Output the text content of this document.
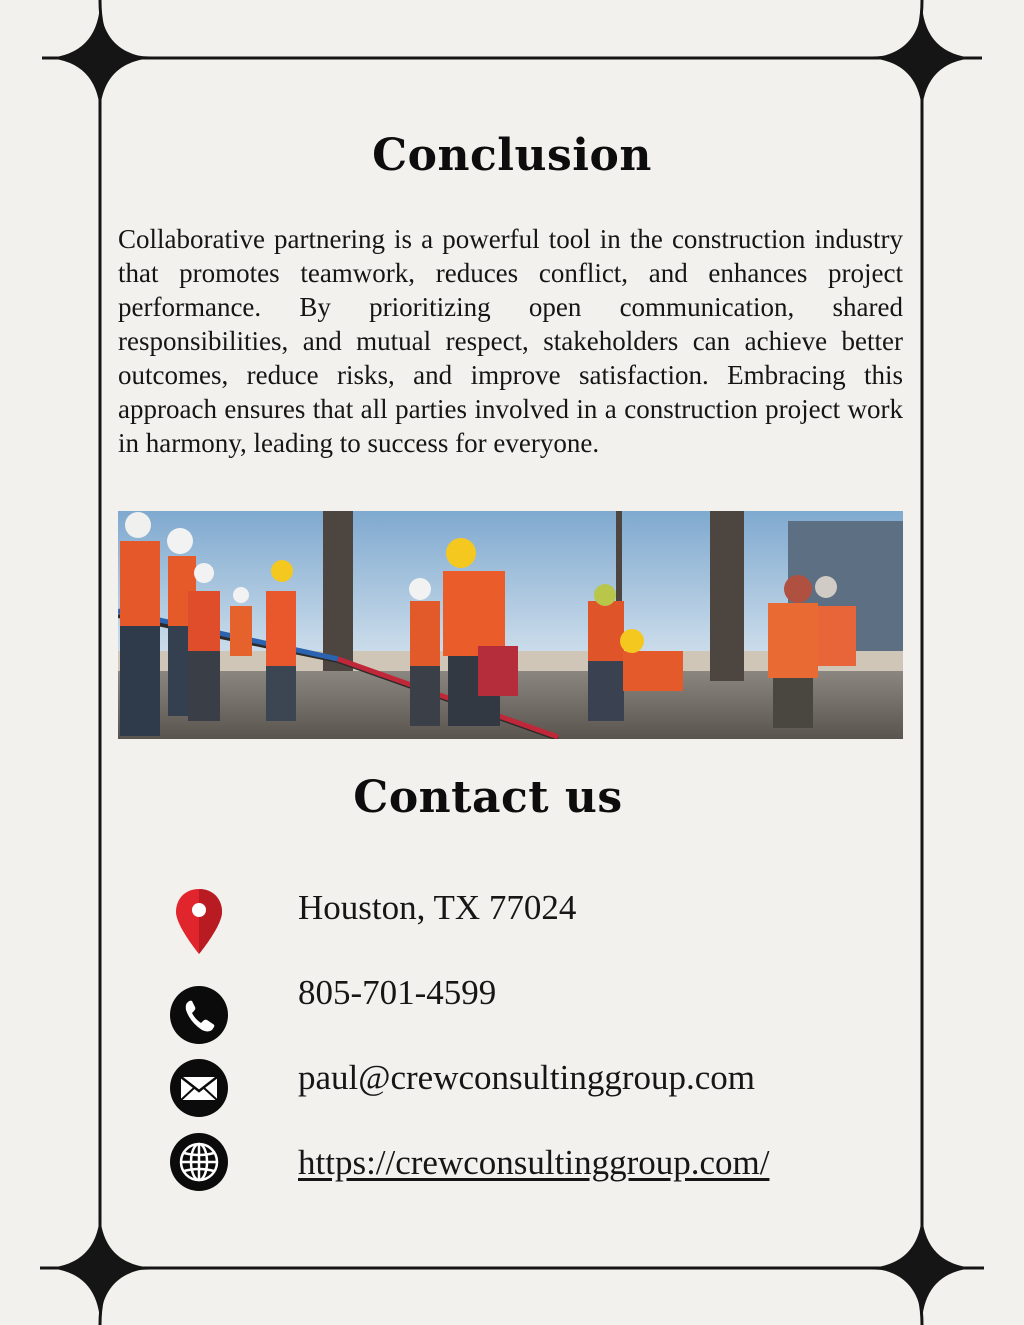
Conclusion

Collaborative partnering is a powerful tool in the construction industry that promotes teamwork, reduces conflict, and enhances project performance. By prioritizing open communication, shared responsibilities, and mutual respect, stakeholders can achieve better outcomes, reduce risks, and improve satisfaction. Embracing this approach ensures that all parties involved in a construction project work in harmony, leading to success for everyone.

Contact us
Houston, TX 77024
805-701-4599
paul@crewconsultinggroup.com
https://crewconsultinggroup.com/
